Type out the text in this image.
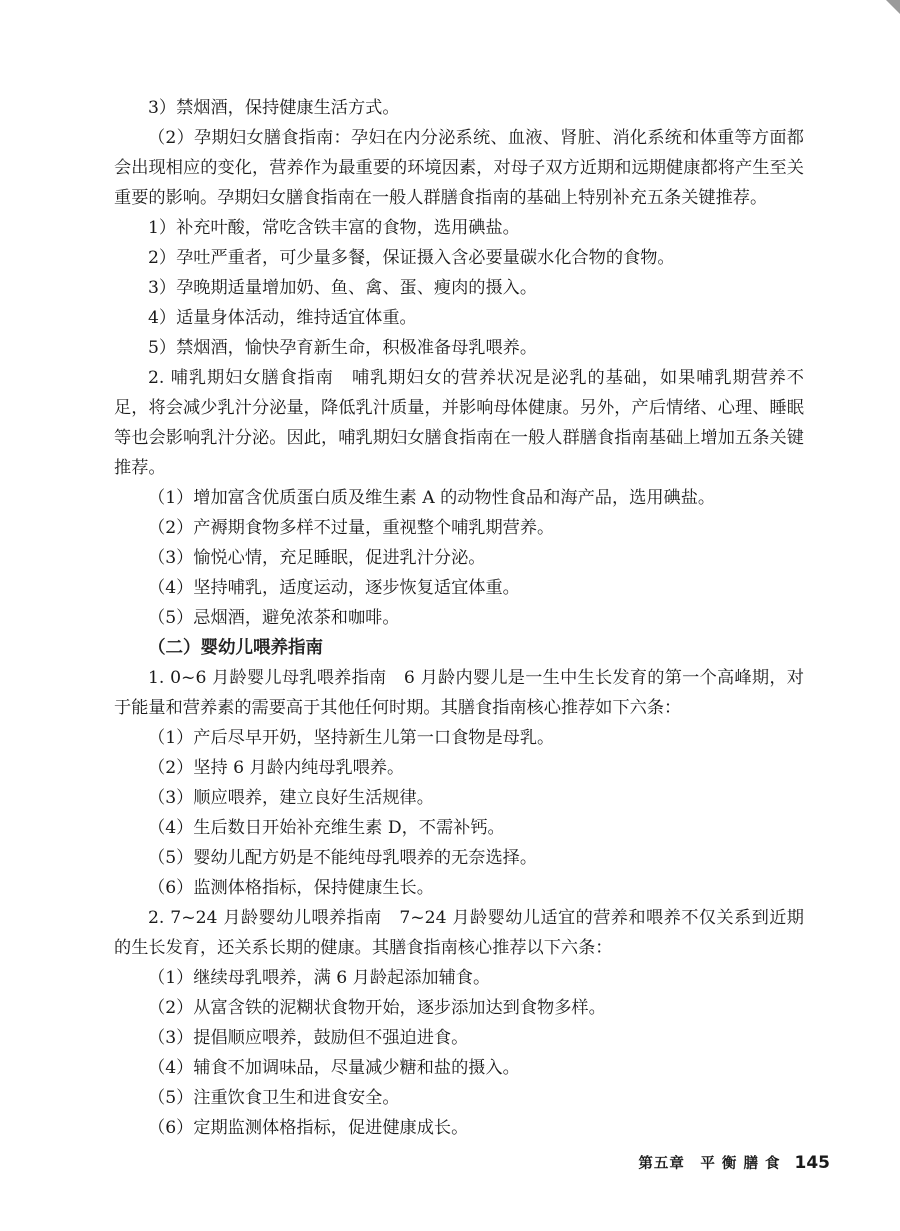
3）禁烟酒，保持健康生活方式。

（2）孕期妇女膳食指南：孕妇在内分泌系统、血液、肾脏、消化系统和体重等方面都会出现相应的变化，营养作为最重要的环境因素，对母子双方近期和远期健康都将产生至关重要的影响。孕期妇女膳食指南在一般人群膳食指南的基础上特别补充五条关键推荐。

1）补充叶酸，常吃含铁丰富的食物，选用碘盐。

2）孕吐严重者，可少量多餐，保证摄入含必要量碳水化合物的食物。

3）孕晚期适量增加奶、鱼、禽、蛋、瘦肉的摄入。

4）适量身体活动，维持适宜体重。

5）禁烟酒，愉快孕育新生命，积极准备母乳喂养。

2. 哺乳期妇女膳食指南　哺乳期妇女的营养状况是泌乳的基础，如果哺乳期营养不足，将会减少乳汁分泌量，降低乳汁质量，并影响母体健康。另外，产后情绪、心理、睡眠等也会影响乳汁分泌。因此，哺乳期妇女膳食指南在一般人群膳食指南基础上增加五条关键推荐。

（1）增加富含优质蛋白质及维生素 A 的动物性食品和海产品，选用碘盐。

（2）产褥期食物多样不过量，重视整个哺乳期营养。

（3）愉悦心情，充足睡眠，促进乳汁分泌。

（4）坚持哺乳，适度运动，逐步恢复适宜体重。

（5）忌烟酒，避免浓茶和咖啡。

（二）婴幼儿喂养指南

1. 0~6 月龄婴儿母乳喂养指南　6 月龄内婴儿是一生中生长发育的第一个高峰期，对于能量和营养素的需要高于其他任何时期。其膳食指南核心推荐如下六条：

（1）产后尽早开奶，坚持新生儿第一口食物是母乳。

（2）坚持 6 月龄内纯母乳喂养。

（3）顺应喂养，建立良好生活规律。

（4）生后数日开始补充维生素 D，不需补钙。

（5）婴幼儿配方奶是不能纯母乳喂养的无奈选择。

（6）监测体格指标，保持健康生长。

2. 7~24 月龄婴幼儿喂养指南　7~24 月龄婴幼儿适宜的营养和喂养不仅关系到近期的生长发育，还关系长期的健康。其膳食指南核心推荐以下六条：

（1）继续母乳喂养，满 6 月龄起添加辅食。

（2）从富含铁的泥糊状食物开始，逐步添加达到食物多样。

（3）提倡顺应喂养，鼓励但不强迫进食。

（4）辅食不加调味品，尽量减少糖和盐的摄入。

（5）注重饮食卫生和进食安全。

（6）定期监测体格指标，促进健康成长。

第五章　平 衡 膳 食 145
